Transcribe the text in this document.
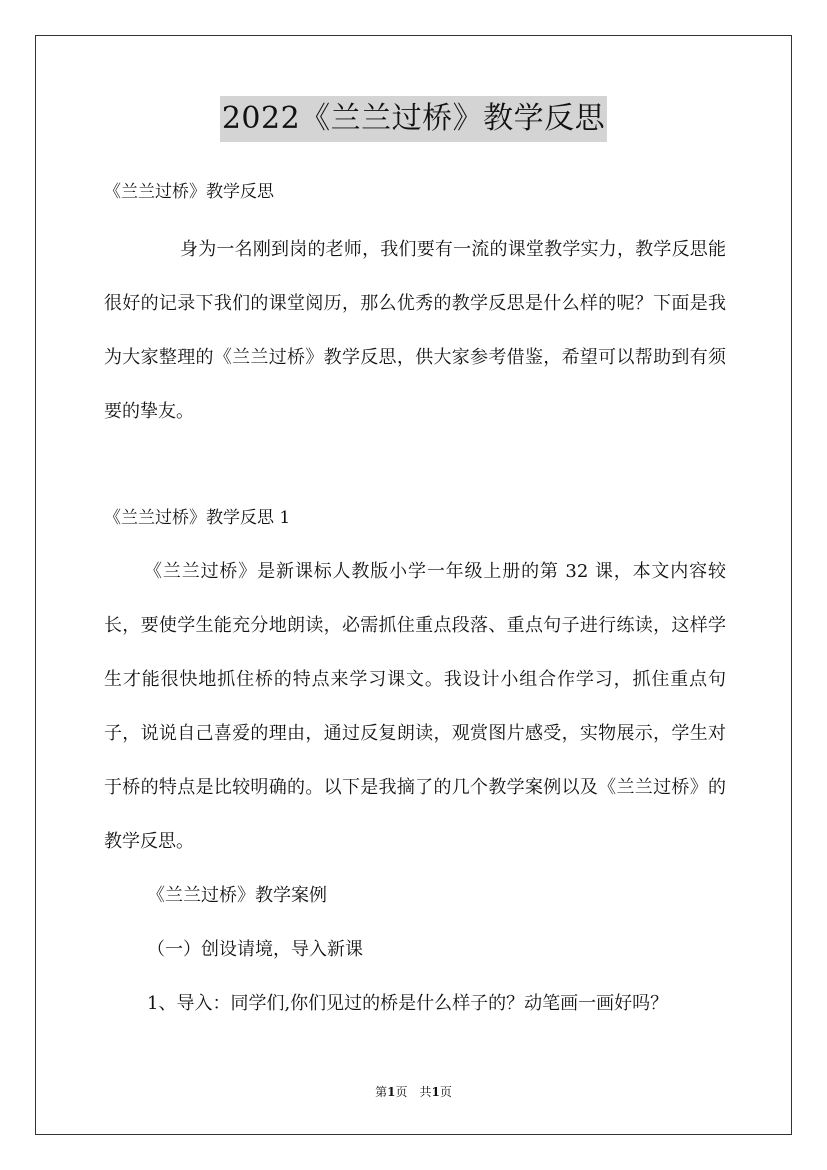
2022《兰兰过桥》教学反思
《兰兰过桥》教学反思

身为一名刚到岗的老师，我们要有一流的课堂教学实力，教学反思能很好的记录下我们的课堂阅历，那么优秀的教学反思是什么样的呢？下面是我为大家整理的《兰兰过桥》教学反思，供大家参考借鉴，希望可以帮助到有须要的挚友。

《兰兰过桥》教学反思 1

《兰兰过桥》是新课标人教版小学一年级上册的第 32 课，本文内容较长，要使学生能充分地朗读，必需抓住重点段落、重点句子进行练读，这样学生才能很快地抓住桥的特点来学习课文。我设计小组合作学习，抓住重点句子，说说自己喜爱的理由，通过反复朗读，观赏图片感受，实物展示，学生对于桥的特点是比较明确的。以下是我摘了的几个教学案例以及《兰兰过桥》的教学反思。

《兰兰过桥》教学案例
（一）创设请境，导入新课
1、导入：同学们,你们见过的桥是什么样子的？动笔画一画好吗？
第1页　共1页
